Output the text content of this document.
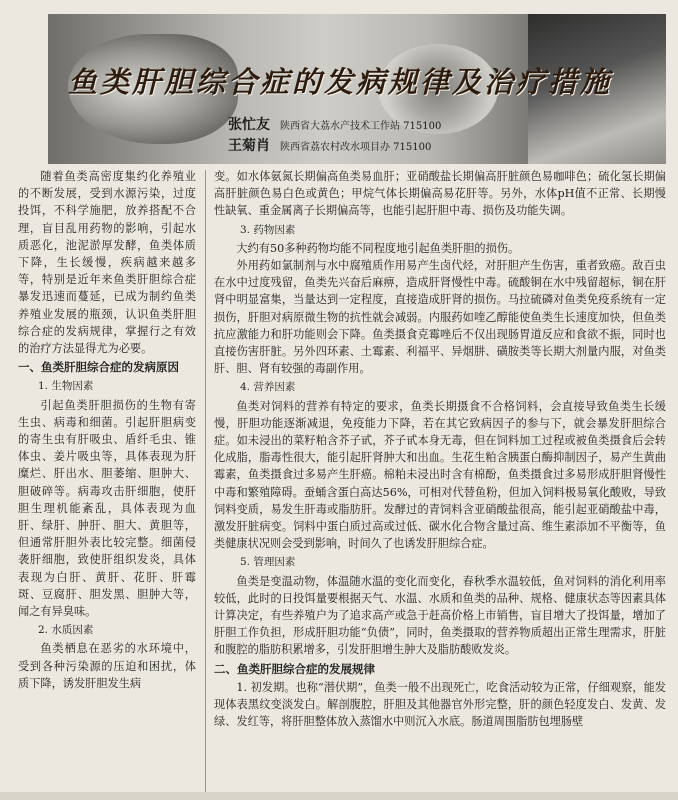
鱼类肝胆综合症的发病规律及治疗措施
张忙友 陕西省大荔水产技术工作站 715100
王菊肖 陕西省荔农村改水项目办 715100

随着鱼类高密度集约化养殖业的不断发展，受到水源污染，过度投饵，不科学施肥，放养搭配不合理，盲目乱用药物的影响，引起水质恶化，池泥淤厚发酵，鱼类体质下降，生长缓慢，疾病越来越多等，特别是近年来鱼类肝胆综合症暴发迅速而蔓延，已成为制约鱼类养殖业发展的瓶颈，认识鱼类肝胆综合症的发病规律，掌握行之有效的治疗方法显得尤为必要。

一、鱼类肝胆综合症的发病原因

1. 生物因素

引起鱼类肝胆损伤的生物有寄生虫、病毒和细菌。引起肝胆病变的寄生虫有肝吸虫、盾纤毛虫、锥体虫、姜片吸虫等，具体表现为肝糜烂、肝出水、胆萎缩、胆肿大、胆破碎等。病毒攻击肝细胞，使肝胆生理机能紊乱，具体表现为血肝、绿肝、肿肝、胆大、黄胆等，但通常肝胆外表比较完整。细菌侵袭肝细胞，致使肝组织发炎，具体表现为白肝、黄肝、花肝、肝霉斑、豆腐肝、胆发黑、胆肿大等，闻之有异臭味。

2. 水质因素

鱼类栖息在恶劣的水环境中，受到各种污染源的压迫和困扰，体质下降，诱发肝胆发生病

变。如水体氨氮长期偏高鱼类易血肝；亚硝酸盐长期偏高肝脏颜色易咖啡色；硫化氢长期偏高肝脏颜色易白色或黄色；甲烷气体长期偏高易花肝等。另外，水体pH值不正常、长期慢性缺氧、重金属离子长期偏高等，也能引起肝胆中毒、损伤及功能失调。

3. 药物因素

大约有50多种药物均能不同程度地引起鱼类肝胆的损伤。

外用药如氯制剂与水中腐殖质作用易产生卤代烃，对肝胆产生伤害，重者致癌。敌百虫在水中过度残留，鱼类先兴奋后麻痹，造成肝肾慢性中毒。硫酸铜在水中残留超标，铜在肝肾中明显富集，当量达到一定程度，直接造成肝肾的损伤。马拉硫磷对鱼类免疫系统有一定损伤，肝胆对病原微生物的抗性就会减弱。内服药如喹乙醇能使鱼类生长速度加快，但鱼类抗应激能力和肝功能则会下降。鱼类摄食克霉唑后不仅出现肠胃道反应和食欲不振，同时也直接伤害肝脏。另外四环素、土霉素、利福平、异烟肼、磺胺类等长期大剂量内服，对鱼类肝、胆、肾有较强的毒副作用。

4. 营养因素

鱼类对饲料的营养有特定的要求，鱼类长期摄食不合格饲料，会直接导致鱼类生长缓慢，肝胆功能逐渐减退，免疫能力下降，若在其它致病因子的参与下，就会暴发肝胆综合症。如未浸出的菜籽粕含芥子甙，芥子甙本身无毒，但在饲料加工过程或被鱼类摄食后会转化成脂，脂毒性很大，能引起肝肾肿大和出血。生花生粕含胰蛋白酶抑制因子，易产生黄曲霉素，鱼类摄食过多易产生肝癌。棉粕未浸出时含有棉酚，鱼类摄食过多易形成肝胆肾慢性中毒和繁殖障碍。蚕蛹含蛋白高达56%，可相对代替鱼粉，但加入饲料极易氧化酸败，导致饲料变质，易发生肝毒或脂肪肝。发酵过的青饲料含亚硝酸盐很高，能引起亚硝酸盐中毒，激发肝脏病变。饲料中蛋白质过高或过低、碳水化合物含量过高、维生素添加不平衡等，鱼类健康状况则会受到影响，时间久了也诱发肝胆综合症。

5. 管理因素

鱼类是变温动物，体温随水温的变化而变化，春秋季水温较低，鱼对饲料的消化利用率较低，此时的日投饵量要根据天气、水温、水质和鱼类的品种、规格、健康状态等因素具体计算决定，有些养殖户为了追求高产或急于赶高价格上市销售，盲目增大了投饵量，增加了肝胆工作负担，形成肝胆功能“负债”，同时，鱼类摄取的营养物质超出正常生理需求，肝脏和腹腔的脂肪积累增多，引发肝胆增生肿大及脂肪酸败发炎。

二、鱼类肝胆综合症的发展规律

1. 初发期。也称“潜伏期”，鱼类一般不出现死亡，吃食活动较为正常，仔细观察，能发现体表黑纹变淡发白。解剖腹腔，肝胆及其他器官外形完整，肝的颜色轻度发白、发黄、发绿、发红等，将肝胆整体放入蒸馏水中则沉入水底。肠道周围脂肪包埋肠壁
